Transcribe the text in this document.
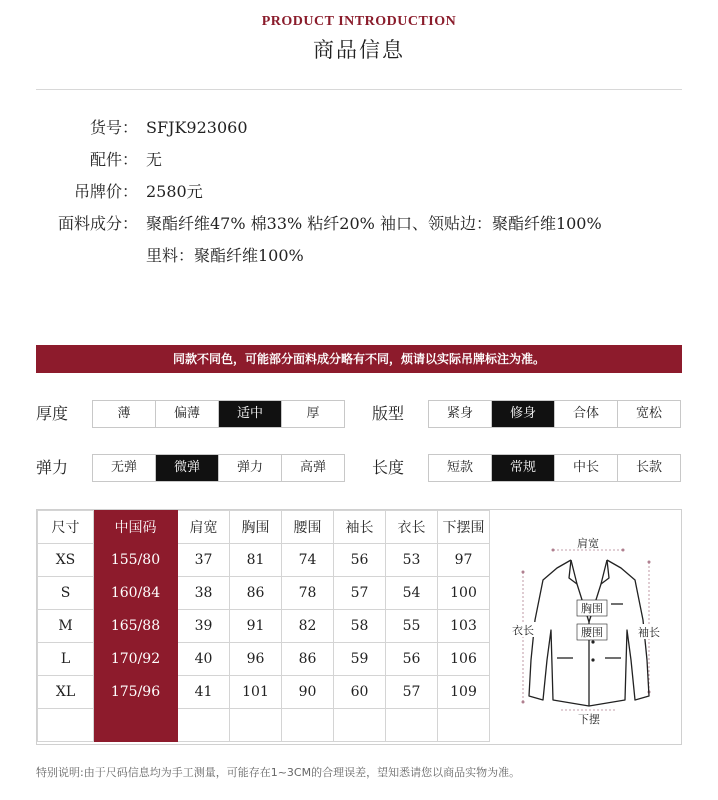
PRODUCT INTRODUCTION
商品信息
货号： SFJK923060
配件： 无
吊牌价： 2580元
面料成分： 聚酯纤维47% 棉33% 粘纤20% 袖口、领贴边：聚酯纤维100%
里料：聚酯纤维100%
同款不同色，可能部分面料成分略有不同，烦请以实际吊牌标注为准。
厚度	薄	偏薄	适中	厚	版型	紧身	修身	合体	宽松
弹力	无弹	微弹	弹力	高弹	长度	短款	常规	中长	长款
尺寸	中国码	肩宽	胸围	腰围	袖长	衣长	下摆围
XS	155/80	37	81	74	56	53	97
S	160/84	38	86	78	57	54	100
M	165/88	39	91	82	58	55	103
L	170/92	40	96	86	59	56	106
XL	175/96	41	101	90	60	57	109

胸围
腰围
肩宽
衣长	袖长
下摆
特别说明:由于尺码信息均为手工测量，可能存在1~3CM的合理误差，望知悉请您以商品实物为准。
